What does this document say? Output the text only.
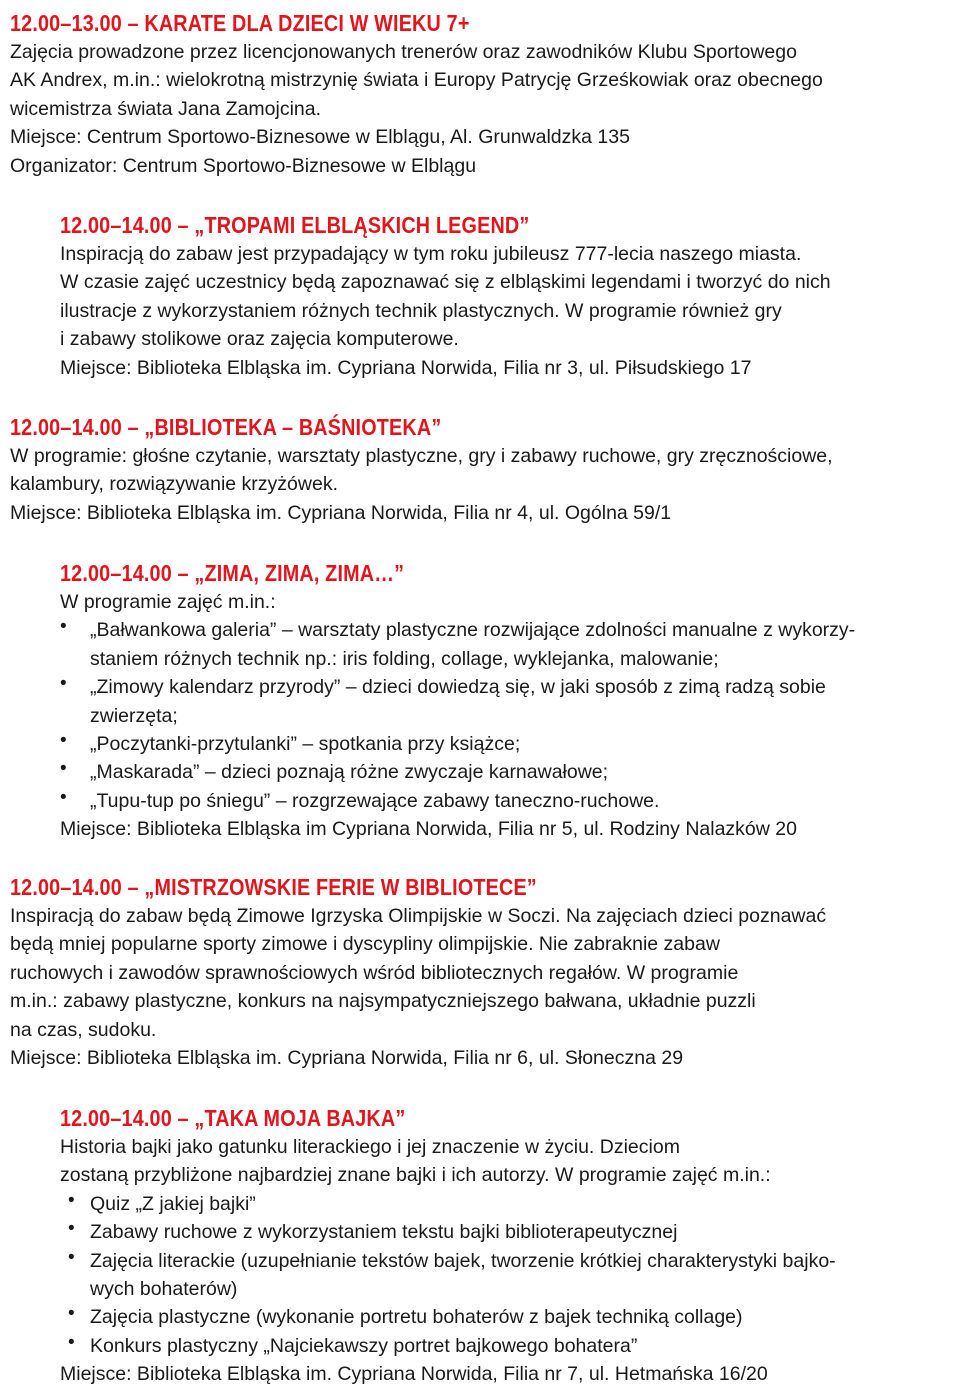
12.00–13.00 – KARATE DLA DZIECI W WIEKU 7+
Zajęcia prowadzone przez licencjonowanych trenerów oraz zawodników Klubu Sportowego
AK Andrex, m.in.: wielokrotną mistrzynię świata i Europy Patrycję Grześkowiak oraz obecnego
wicemistrza świata Jana Zamojcina.
Miejsce: Centrum Sportowo-Biznesowe w Elblągu, Al. Grunwaldzka 135
Organizator: Centrum Sportowo-Biznesowe w Elblągu
12.00–14.00 – „TROPAMI ELBLĄSKICH LEGEND”
Inspiracją do zabaw jest przypadający w tym roku jubileusz 777-lecia naszego miasta.
W czasie zajęć uczestnicy będą zapoznawać się z elbląskimi legendami i tworzyć do nich
ilustracje z wykorzystaniem różnych technik plastycznych. W programie również gry
i zabawy stolikowe oraz zajęcia komputerowe.
Miejsce: Biblioteka Elbląska im. Cypriana Norwida, Filia nr 3, ul. Piłsudskiego 17
12.00–14.00 – „BIBLIOTEKA – BAŚNIOTEKA”
W programie: głośne czytanie, warsztaty plastyczne, gry i zabawy ruchowe, gry zręcznościowe,
kalambury, rozwiązywanie krzyżówek.
Miejsce: Biblioteka Elbląska im. Cypriana Norwida, Filia nr 4, ul. Ogólna 59/1
12.00–14.00 – „ZIMA, ZIMA, ZIMA…”
W programie zajęć m.in.:
•
„Bałwankowa galeria” – warsztaty plastyczne rozwijające zdolności manualne z wykorzy-
staniem różnych technik np.: iris folding, collage, wyklejanka, malowanie;
•
„Zimowy kalendarz przyrody” – dzieci dowiedzą się, w jaki sposób z zimą radzą sobie
zwierzęta;
•
„Poczytanki-przytulanki” – spotkania przy książce;
•
„Maskarada” – dzieci poznają różne zwyczaje karnawałowe;
•
„Tupu-tup po śniegu” – rozgrzewające zabawy taneczno-ruchowe.
Miejsce: Biblioteka Elbląska im Cypriana Norwida, Filia nr 5, ul. Rodziny Nalazków 20
12.00–14.00 – „MISTRZOWSKIE FERIE W BIBLIOTECE”
Inspiracją do zabaw będą Zimowe Igrzyska Olimpijskie w Soczi. Na zajęciach dzieci poznawać
będą mniej popularne sporty zimowe i dyscypliny olimpijskie. Nie zabraknie zabaw
ruchowych i zawodów sprawnościowych wśród bibliotecznych regałów. W programie
m.in.: zabawy plastyczne, konkurs na najsympatyczniejszego bałwana, układnie puzzli
na czas, sudoku.
Miejsce: Biblioteka Elbląska im. Cypriana Norwida, Filia nr 6, ul. Słoneczna 29
12.00–14.00 – „TAKA MOJA BAJKA”
Historia bajki jako gatunku literackiego i jej znaczenie w życiu. Dzieciom
zostaną przybliżone najbardziej znane bajki i ich autorzy. W programie zajęć m.in.:
•
Quiz „Z jakiej bajki”
•
Zabawy ruchowe z wykorzystaniem tekstu bajki biblioterapeutycznej
•
Zajęcia literackie (uzupełnianie tekstów bajek, tworzenie krótkiej charakterystyki bajko-
wych bohaterów)
•
Zajęcia plastyczne (wykonanie portretu bohaterów z bajek techniką collage)
•
Konkurs plastyczny „Najciekawszy portret bajkowego bohatera”
Miejsce: Biblioteka Elbląska im. Cypriana Norwida, Filia nr 7, ul. Hetmańska 16/20
